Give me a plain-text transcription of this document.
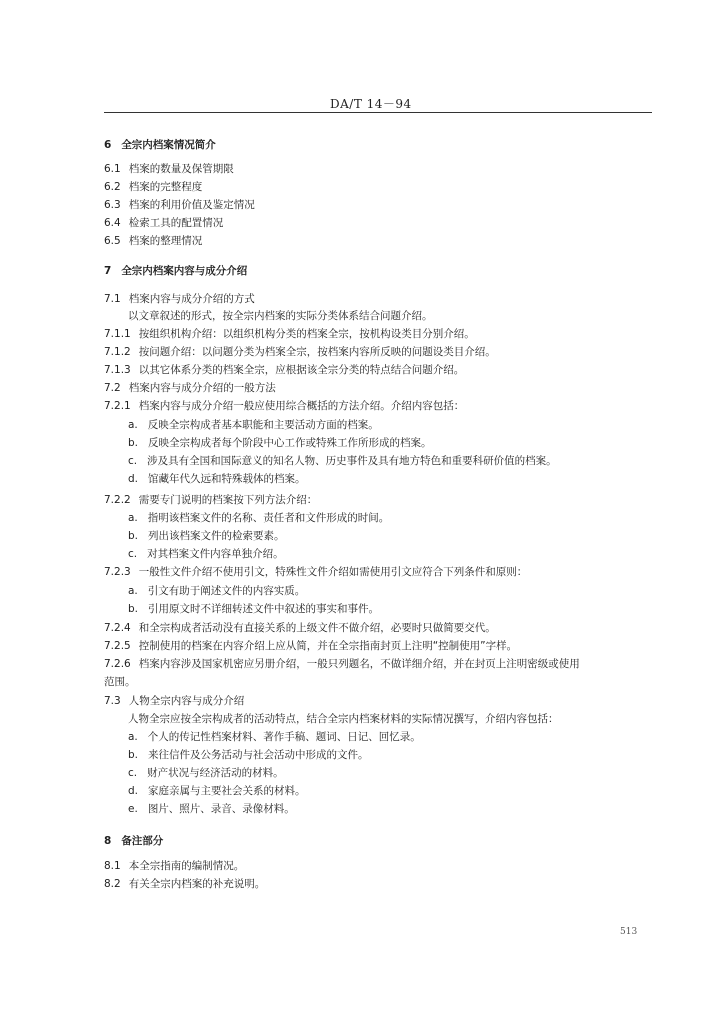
DA/T 14－94
6 全宗内档案情况简介
6.1 档案的数量及保管期限
6.2 档案的完整程度
6.3 档案的利用价值及鉴定情况
6.4 检索工具的配置情况
6.5 档案的整理情况
7 全宗内档案内容与成分介绍
7.1 档案内容与成分介绍的方式
以文章叙述的形式，按全宗内档案的实际分类体系结合问题介绍。
7.1.1 按组织机构介绍：以组织机构分类的档案全宗，按机构设类目分别介绍。
7.1.2 按问题介绍：以问题分类为档案全宗，按档案内容所反映的问题设类目介绍。
7.1.3 以其它体系分类的档案全宗，应根据该全宗分类的特点结合问题介绍。
7.2 档案内容与成分介绍的一般方法
7.2.1 档案内容与成分介绍一般应使用综合概括的方法介绍。介绍内容包括：
a. 反映全宗构成者基本职能和主要活动方面的档案。
b. 反映全宗构成者每个阶段中心工作或特殊工作所形成的档案。
c. 涉及具有全国和国际意义的知名人物、历史事件及具有地方特色和重要科研价值的档案。
d. 馆藏年代久远和特殊载体的档案。
7.2.2 需要专门说明的档案按下列方法介绍：
a. 指明该档案文件的名称、责任者和文件形成的时间。
b. 列出该档案文件的检索要素。
c. 对其档案文件内容单独介绍。
7.2.3 一般性文件介绍不使用引文，特殊性文件介绍如需使用引文应符合下列条件和原则：
a. 引文有助于阐述文件的内容实质。
b. 引用原文时不详细转述文件中叙述的事实和事件。
7.2.4 和全宗构成者活动没有直接关系的上级文件不做介绍，必要时只做简要交代。
7.2.5 控制使用的档案在内容介绍上应从简，并在全宗指南封页上注明“控制使用”字样。
7.2.6 档案内容涉及国家机密应另册介绍，一般只列题名，不做详细介绍，并在封页上注明密级或使用
范围。
7.3 人物全宗内容与成分介绍
人物全宗应按全宗构成者的活动特点，结合全宗内档案材料的实际情况撰写，介绍内容包括：
a. 个人的传记性档案材料、著作手稿、题词、日记、回忆录。
b. 来往信件及公务活动与社会活动中形成的文件。
c. 财产状况与经济活动的材料。
d. 家庭亲属与主要社会关系的材料。
e. 图片、照片、录音、录像材料。
8 备注部分
8.1 本全宗指南的编制情况。
8.2 有关全宗内档案的补充说明。
513
